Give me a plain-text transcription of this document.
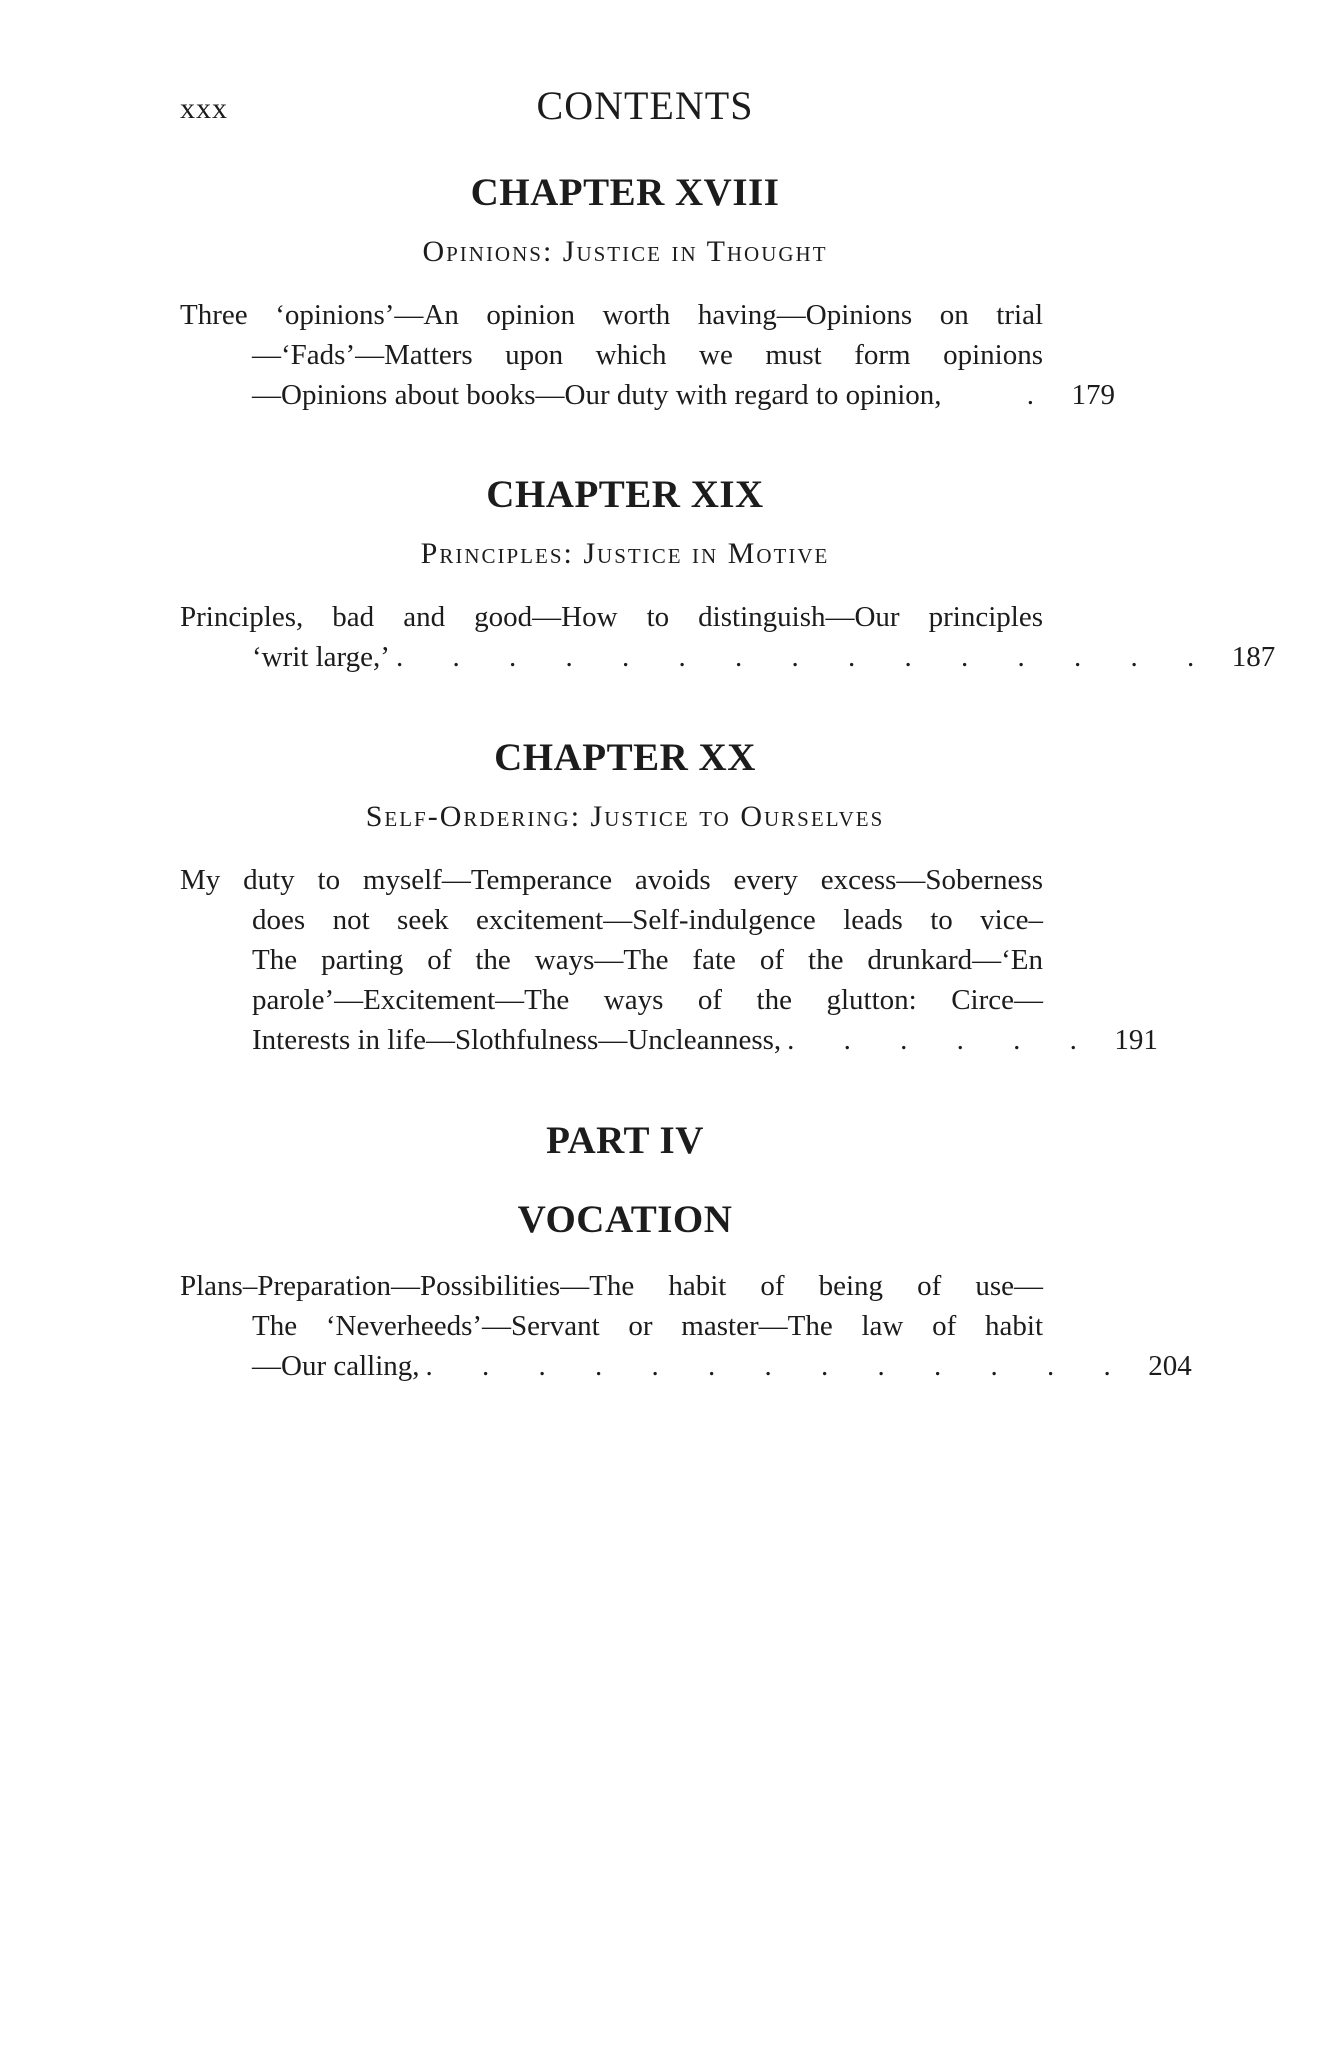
xxx	CONTENTS
CHAPTER XVIII
Opinions: Justice in Thought
Three ‘opinions’—An opinion worth having—Opinions on trial
—‘Fads’—Matters upon which we must form opinions
—Opinions about books—Our duty with regard to opinion,	. 179
CHAPTER XIX
Principles: Justice in Motive
Principles, bad and good—How to distinguish—Our principles
‘writ large,’ . . . . . . . . . . . . . . . 187
CHAPTER XX
Self-Ordering: Justice to Ourselves
My duty to myself—Temperance avoids every excess—Soberness
does not seek excitement—Self-indulgence leads to vice–
The parting of the ways—The fate of the drunkard—‘En
parole’—Excitement—The ways of the glutton: Circe—
Interests in life—Slothfulness—Uncleanness, . . . . . . 191
PART IV
VOCATION
Plans–Preparation—Possibilities—The habit of being of use—
The ‘Neverheeds’—Servant or master—The law of habit
—Our calling, . . . . . . . . . . . . . 204
